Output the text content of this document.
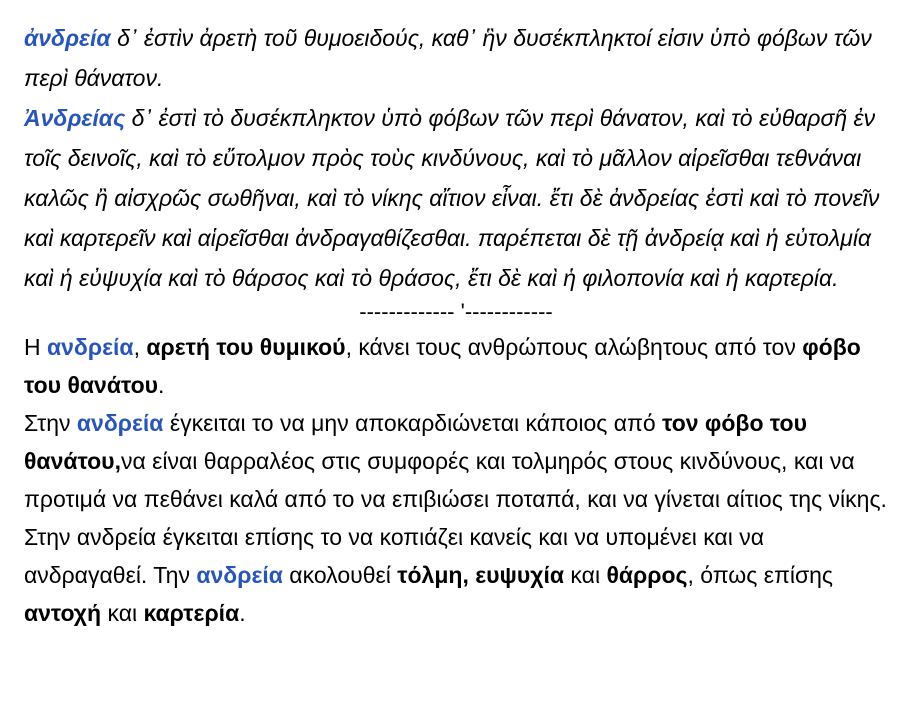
ἀνδρεία δ᾽ ἐστὶν ἀρετὴ τοῦ θυμοειδούς, καθ᾽ ἣν δυσέκπληκτοί εἰσιν ὑπὸ φόβων τῶν περὶ θάνατον.

Ἀνδρείας δ᾽ ἐστὶ τὸ δυσέκπληκτον ὑπὸ φόβων τῶν περὶ θάνατον, καὶ τὸ εὐθαρσῆ ἐν τοῖς δεινοῖς, καὶ τὸ εὔτολμον πρὸς τοὺς κινδύνους, καὶ τὸ μᾶλλον αἱρεῖσθαι τεθνάναι καλῶς ἢ αἰσχρῶς σωθῆναι, καὶ τὸ νίκης αἴτιον εἶναι. ἔτι δὲ ἀνδρείας ἐστὶ καὶ τὸ πονεῖν καὶ καρτερεῖν καὶ αἱρεῖσθαι ἀνδραγαθίζεσθαι. παρέπεται δὲ τῇ ἀνδρείᾳ καὶ ἡ εὐτολμία καὶ ἡ εὐψυχία καὶ τὸ θάρσος καὶ τὸ θράσος, ἔτι δὲ καὶ ἡ φιλοπονία καὶ ἡ καρτερία.

------------- '------------

Η ανδρεία, αρετή του θυμικού, κάνει τους ανθρώπους αλώβητους από τον φόβο του θανάτου.

Στην ανδρεία έγκειται το να μην αποκαρδιώνεται κάποιος από τον φόβο του θανάτου,να είναι θαρραλέος στις συμφορές και τολμηρός στους κινδύνους, και να προτιμά να πεθάνει καλά από το να επιβιώσει ποταπά, και να γίνεται αίτιος της νίκης. Στην ανδρεία έγκειται επίσης το να κοπιάζει κανείς και να υπομένει και να ανδραγαθεί. Την ανδρεία ακολουθεί τόλμη, ευψυχία και θάρρος, όπως επίσης αντοχή και καρτερία.
